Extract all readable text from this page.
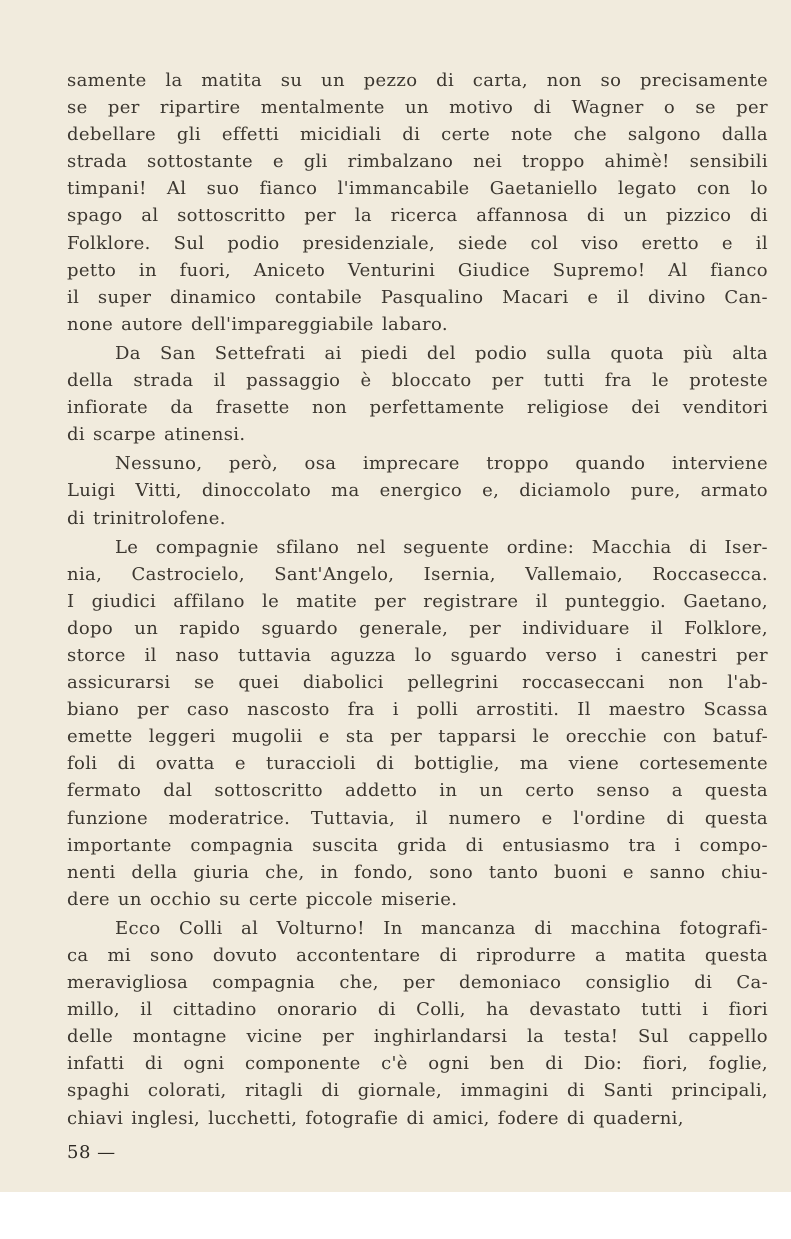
samente la matita su un pezzo di carta, non so precisamente
se per ripartire mentalmente un motivo di Wagner o se per
debellare gli effetti micidiali di certe note che salgono dalla
strada sottostante e gli rimbalzano nei troppo ahimè! sensibili
timpani! Al suo fianco l'immancabile Gaetaniello legato con lo
spago al sottoscritto per la ricerca affannosa di un pizzico di
Folklore. Sul podio presidenziale, siede col viso eretto e il
petto in fuori, Aniceto Venturini Giudice Supremo! Al fianco
il super dinamico contabile Pasqualino Macari e il divino Can-
none autore dell'impareggiabile labaro.
Da San Settefrati ai piedi del podio sulla quota più alta
della strada il passaggio è bloccato per tutti fra le proteste
infiorate da frasette non perfettamente religiose dei venditori
di scarpe atinensi.
Nessuno, però, osa imprecare troppo quando interviene
Luigi Vitti, dinoccolato ma energico e, diciamolo pure, armato
di trinitrolofene.
Le compagnie sfilano nel seguente ordine: Macchia di Iser-
nia, Castrocielo, Sant'Angelo, Isernia, Vallemaio, Roccasecca.
I giudici affilano le matite per registrare il punteggio. Gaetano,
dopo un rapido sguardo generale, per individuare il Folklore,
storce il naso tuttavia aguzza lo sguardo verso i canestri per
assicurarsi se quei diabolici pellegrini roccaseccani non l'ab-
biano per caso nascosto fra i polli arrostiti. Il maestro Scassa
emette leggeri mugolii e sta per tapparsi le orecchie con batuf-
foli di ovatta e turaccioli di bottiglie, ma viene cortesemente
fermato dal sottoscritto addetto in un certo senso a questa
funzione moderatrice. Tuttavia, il numero e l'ordine di questa
importante compagnia suscita grida di entusiasmo tra i compo-
nenti della giuria che, in fondo, sono tanto buoni e sanno chiu-
dere un occhio su certe piccole miserie.
Ecco Colli al Volturno! In mancanza di macchina fotografi-
ca mi sono dovuto accontentare di riprodurre a matita questa
meravigliosa compagnia che, per demoniaco consiglio di Ca-
millo, il cittadino onorario di Colli, ha devastato tutti i fiori
delle montagne vicine per inghirlandarsi la testa! Sul cappello
infatti di ogni componente c'è ogni ben di Dio: fiori, foglie,
spaghi colorati, ritagli di giornale, immagini di Santi principali,
chiavi inglesi, lucchetti, fotografie di amici, fodere di quaderni,
58 —
